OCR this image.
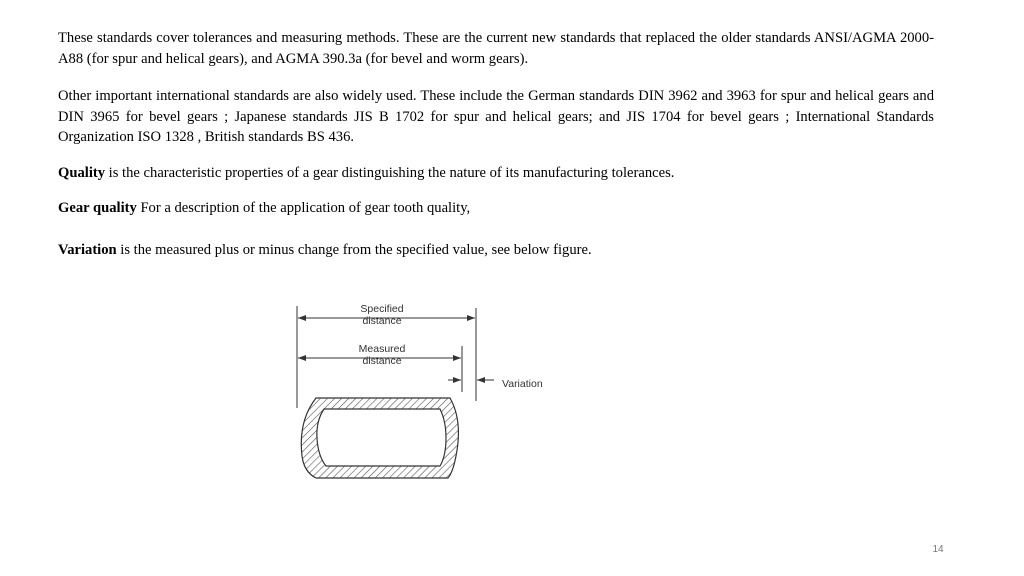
These standards cover tolerances and measuring methods. These are the current new standards that replaced the older standards ANSI/AGMA 2000- A88 (for spur and helical gears), and AGMA 390.3a (for bevel and worm gears).

Other important international standards are also widely used. These include the German standards DIN 3962 and 3963 for spur and helical gears and DIN 3965 for bevel gears ; Japanese standards JIS B 1702 for spur and helical gears; and JIS 1704 for bevel gears ; International Standards Organization ISO 1328 , British standards BS 436.

Quality is the characteristic properties of a gear distinguishing the nature of its manufacturing tolerances.

Gear quality For a description of the application of gear tooth quality,

Variation is the measured plus or minus change from the specified value, see below figure.

Specified
distance
Measured
distance
Variation
14
